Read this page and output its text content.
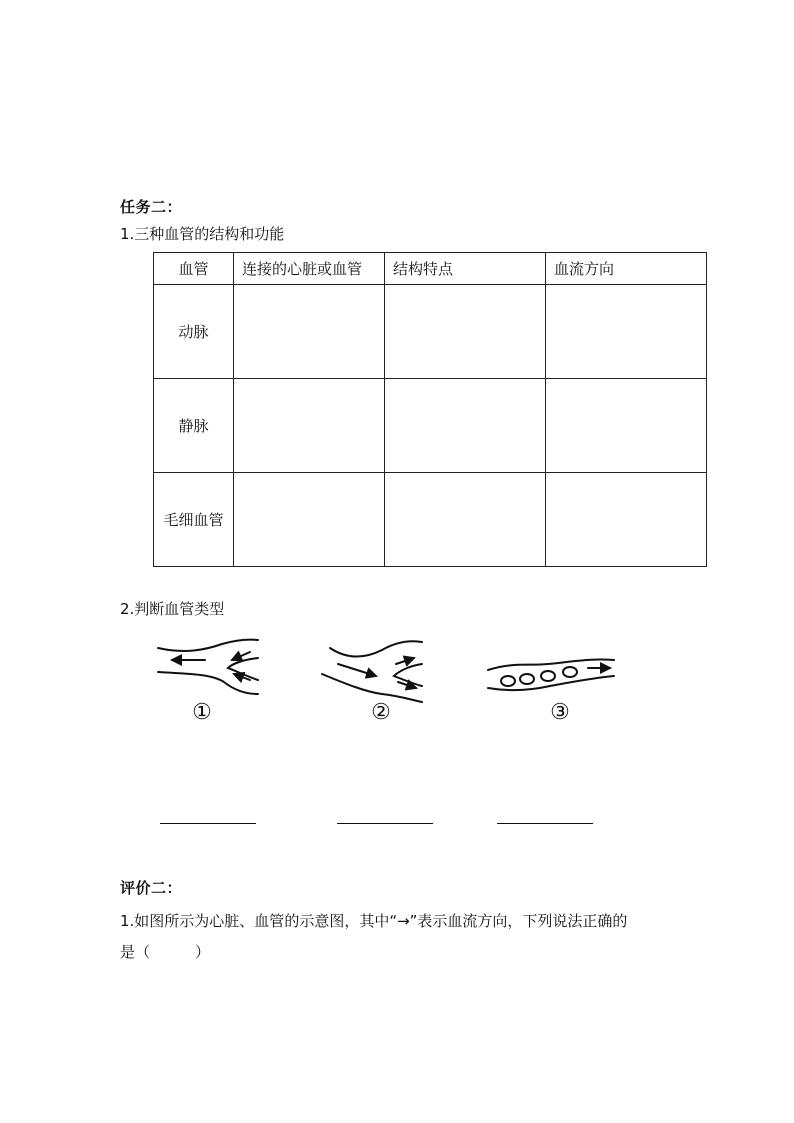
任务二：
1.三种血管的结构和功能
血管	连接的心脏或血管	结构特点	血流方向
动脉			
静脉			
毛细血管			
2.判断血管类型
①	②	③
评价二：
1.如图所示为心脏、血管的示意图，其中“→”表示血流方向，下列说法正确的
是（　　　）
